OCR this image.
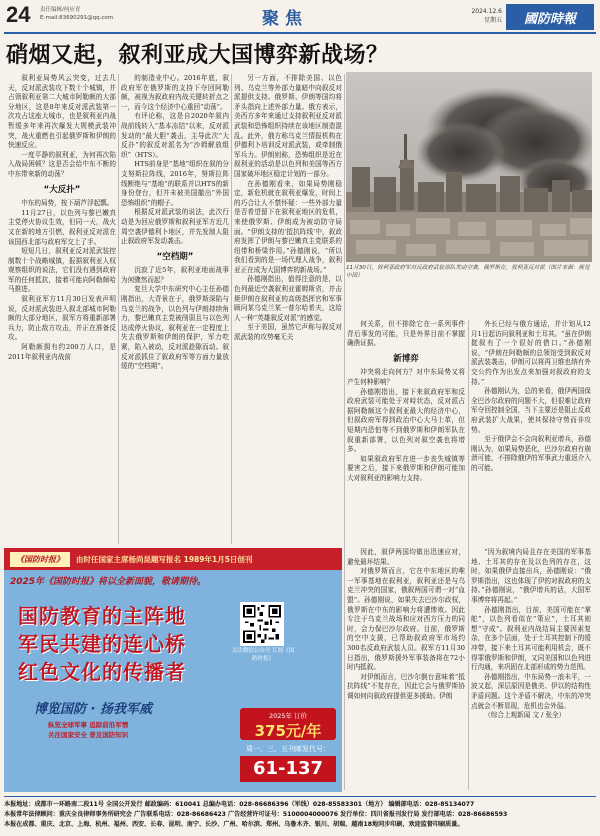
24 责任编辑/何应青
E-mail:83690291@qq.com	聚焦	2024.12.6
星期五	國防時報
硝烟又起，叙利亚成大国博弈新战场？

叙利亚局势风云突变，过去几天，反对派武装攻下数十个城镇，并占领叙利亚第二大城市阿勒颇的大部分地区，这是8年来反对派武装第一次攻占这座大城市，也是叙利亚内战暂缓多年来再次爆发大规模武装冲突，战火重燃也引起俄罗斯和伊朗的快速反应。

一度平静的叙利亚，为何再次陷入战局困顿？这是否会给中东不断的中东带来新的动荡？

“大反扑”

中东的局势，按下葫芦浮起瓢。

11月27日，以色列与黎巴嫩真主党停火协议生效，但同一天，战火又在新的地方引燃，叙利亚反对派在该国西北部与政府军交上了手。

短短几日，叙利亚反对派武装控制数十个战略城镇，报据叙利亚人权观察组织的说法，它们没有遇到政府军的任何抵抗，接着可能向阿勒颇哈马推进。

叙利亚军方11月30日发表声明说，反对派武装进入叙北部城市阿勒颇的大部分地区，叙军方将重新部署兵力，防止敌方攻击，并正在准备反攻。

阿勒颇拥有约200万人口，是2011年叙利亚内战前

的制造业中心。2016年底，叙政府军在俄罗斯的支持下夺回阿勒颇，被视为叙政府内战关键转折点之一，而今这个经济中心重回“动荡”。

有评论称，这是自2020年叙内战前线转入“基本冻结”以来，反对派发动的“最大胆”袭击，主导此次“大反扑”的叙反对派名为“沙姆解放组织”（HTS）。

HTS前身是“基地”组织在叙的分支努斯拉阵线，2016年，努斯拉阵线断绝与“基地”的联系并以HTS的新身份登台，但并未被美国撤出“外国恐怖组织”的帽子。

根据反对派武装的说法，此次行动是为回应俄罗斯和叙利亚军方近几周空袭伊德利卜地区，并先发制人阻止叙政府军发动袭击。

“空档期”

沉寂了近5年，叙利亚地面战事为何骤然而起？

复旦大学中东研究中心主任孙德刚指出，大背景在于，俄罗斯深陷与乌克兰的战争，以色列与伊朗持续角力，黎巴嫩真主党被削弱且与以色列达成停火协议，叙利亚在一定程度上失去俄罗斯和伊朗的保护，军力吃紧，陷入被动，反对派趁隙而动。叙反对派抓住了叙政府军等方面力量放缓的“空档期”。

另一方面，不排除美国、以色列、乌克兰等外部力量暗中向叙反对派提供支持。俄罗斯、伊朗等国均将矛头指向上述外部力量。俄方表示，美西方多年来通过支持叙利亚反对派武装和恐怖组织持续在该地区制造混乱。此外，俄方称乌克兰情报机构在伊德利卜培训反对派武装，或牵制俄军兵力。伊朗则称，恐怖组织是近在叙利亚的活动是以色列和美国等西方国家破坏地区稳定计划的一部分。

在孙德刚看来，如果局势刚稳定，新危机就在叙利亚爆发，时间上的巧合让人不禁怀疑：一些外部力量是否希望留下在叙利亚地区的危机，来使俄罗斯、伊朗成为被动防守局面。“伊朗支持的‘抵抗阵线’中，叙政府发挥了伊朗与黎巴嫩真主党联系的纽带和桥梁作用。”孙德刚说，“所以我们看到的是一场代理人战争，叙利亚正在成为大国博弈的新战场。”

孙德刚指出，值得注意的是，以色列最近空袭叙利亚霍姆斯省，并击毙伊朗在叙利亚的高级指挥官和军事顾问某乌克兰某一普尔哈希夫，这给人一种“英雄叙反对派”的感觉。

至于美国，虽然它声称与叙反对派武装的攻势毫无关

何关系，但不排除它在一系列事件背后事发的可能，只是外界目前不掌握确凿证据。

新博弈

冲突将走向何方？对中东局势又将产生何种影响？

孙德刚指出，接下来叙政府军和反政府武装可能处于对峙状态，反对派占据阿勒颇这个叙利亚最大的经济中心，但叙政府军得到政治中心大马士革，但短期内恐怕等不到俄罗斯和伊朗军队在叙重新部署，以色列对叙空袭也将增多。

如果叙政府军在进一步丧失城镇等要害之后，接下来俄罗斯和伊朗可能加大对叙利亚的影响力支持。

外长已经与俄方通话，并计划从12月1日起访问叙利亚和土耳其。“虽在伊朗挺叙有了一个很好的借口。”孙德刚说，“伊朗在阿勒颇的总领馆受到叙反对派武装袭击，伊朗可以将再卫维也纳有外交公约作为出发点来加强对叙政府的支持。”

孙德刚认为，总的来看，俄伊两国保全巴沙尔政府的问题不大，但很难让政府军夺回控制全国，当下主要还是阻止反政府武装扩大战果，使其保持守势而非攻势。

至于俄伊会不会向叙利亚增兵，孙德刚认为，如果局势恶化，巴沙尔政府有崩溃可能，不排除俄伊的军事武力重返介入的可能。

因此，叙伊两国均做出迅速应对，避免最坏结果。

对俄罗斯而言，它在中东地区的唯一军事基地在叙利亚，叙利亚还是与乌克兰冲突的国家，俄叙两国可谓一对“血盟”。孙德刚说，如果失去巴沙尔政权，俄罗斯在中东的影响力将遭惨败。因此专注于乌克兰战场和应对西方压力的同时，会力保巴沙尔政府。目前，俄罗斯的空中支援，已帮助叙政府军市场约300名反政府武装人员。叙军方11月30日指出，俄罗斯援外军事装备将在72小时内抵叙。

对伊朗而言，巴沙尔倒台意味着“抵抗阵线”不复存在，因此它会与俄罗斯协调如何向叙政府提供更多援助。伊朗

“因为叙境内局且存在美国的军事基地、土耳其的存在及以色列的存在，这时，如果俄伊直接出兵，孙德刚说：“俄罗斯指出，这也体现了伊的对叙政府的支持。”孙德刚说，“俄伊增兵的话，大国军事博弈将再起。”

孙德刚指出，目前，美国可能在“掌舵”，以色列看似在“策应”，土耳其则想“守成”。叙利亚内战结局主要因素复杂，在多个层面，处于土耳其控制下的缓冲带，接下来土耳其可能利用机会，既不得罪俄罗斯和伊朗，又同美国和以色列进行沟通，来巩固在北部形成的势力范围。

孙德刚指出，中东局势一浪未平，一波又起，深层原因是俄美、伊以的结构性矛盾问题。这个矛盾不解决，中东的冲突点就会不断显现，危机也会外溢。

（综合上观新闻 文 / 张全）

11月30日，叙利亚政府军对反政府武装部队发动空袭，俄罗斯在，叙利亚反对派（图片来源：视觉中国）
《国防时报》	由时任国家主席杨尚昆题写报名 1989年1月5日创刊
2025年《国防时报》将以全新面貌，敬请期待。
国防教育的主阵地
军民共建的连心桥
红色文化的传播者
博览国防 · 扬我军威
纵览全球军事 追踪前沿军情
关注国家安全 普及国防知识
关注微信公众号 订阅《国防时报》
2025年 订价
375元/年
周一、三、五刊邮发代号：
61-137
本报地址：成都市一环路南二段11号 全国公开发行 邮政编码：610041 总编办电话：028-86686396（军线）028-85583301（地方） 编辑部电话：028-85134077
本报常年法律顾问：重庆全良律师事务所研究会 广告联系电话：028-86686423 广告经营许可证号：5100004000076 发行单位：四川省报刊发行局 发行部电话：028-86686593
本报在成都、重庆、北京、上海、杭州、福州、西安、长春、昆明、南宁、长沙、广州、哈尔滨、郑州、乌鲁木齐、银川、胡瑞、越南18地同步印刷，欢迎监督印刷质量。
